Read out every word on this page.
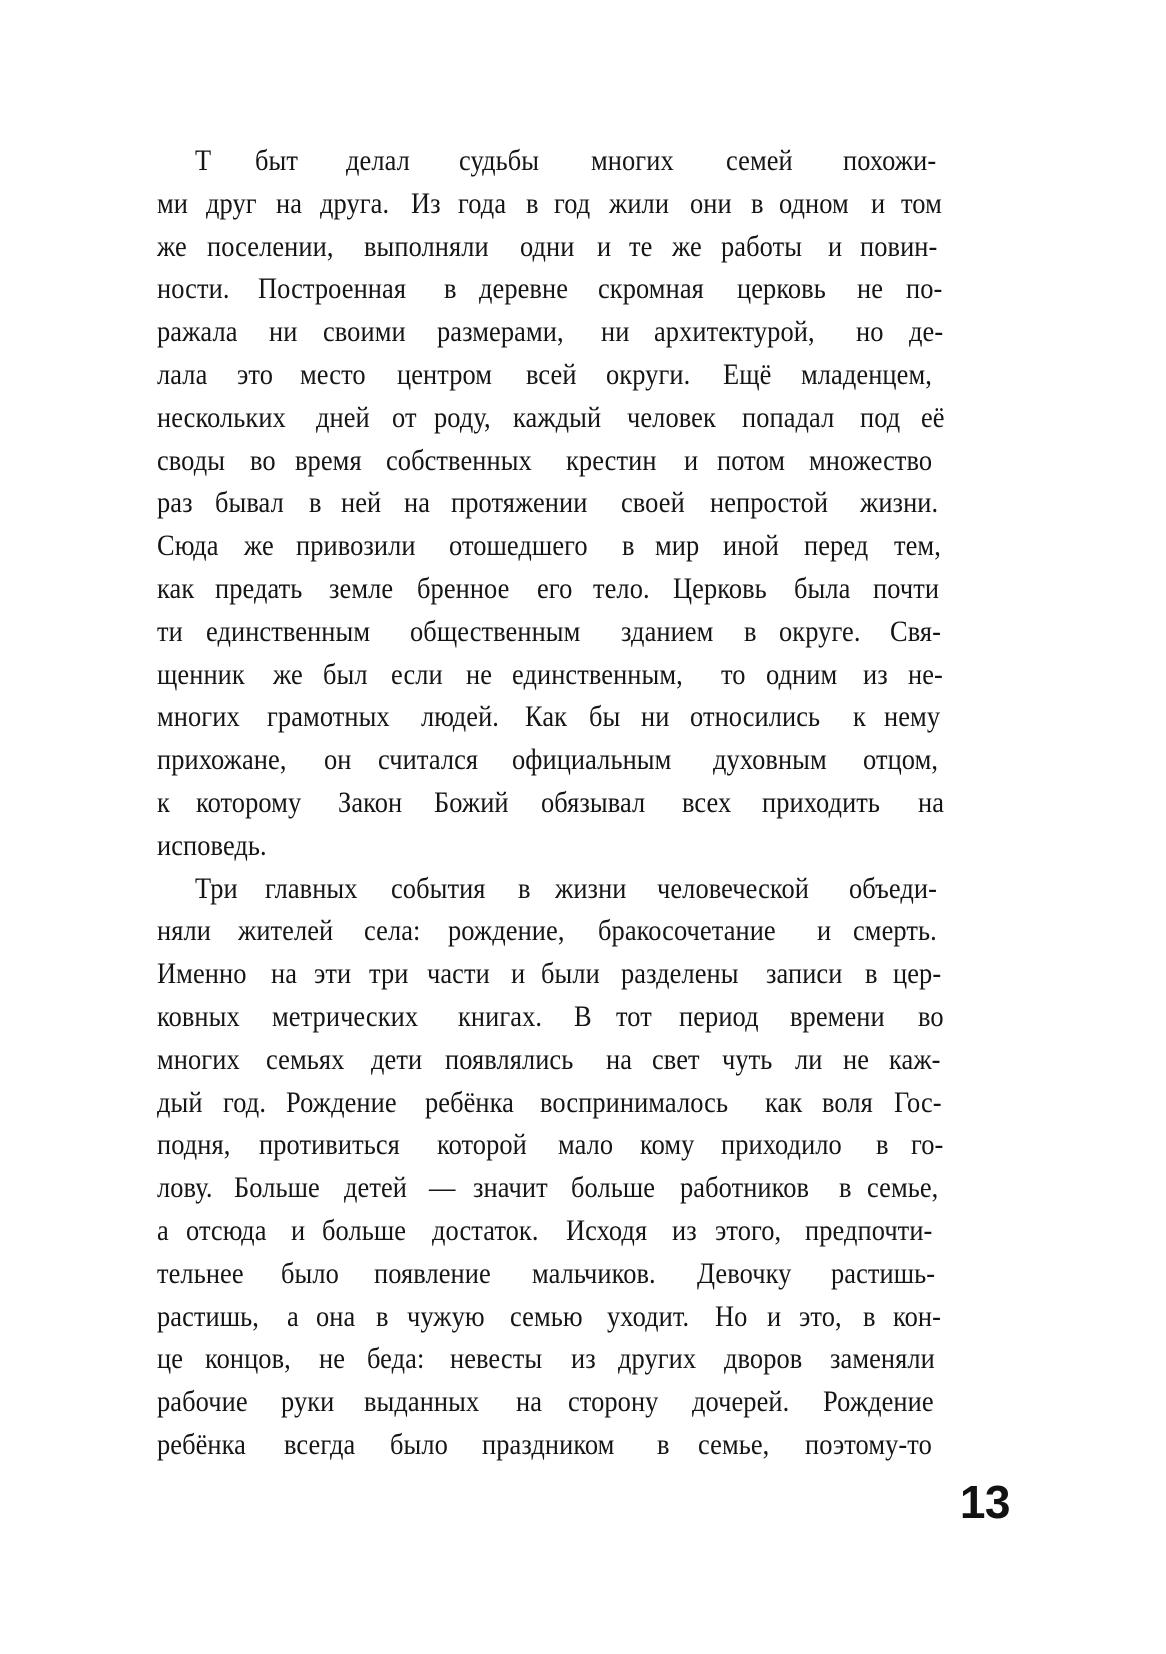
Т быт делал судьбы многих семей похожи-
ми друг на друга. Из года в год жили они в одном и том
же поселении, выполняли одни и те же работы и повин-
ности. Построенная в деревне скромная церковь не по-
ражала ни своими размерами, ни архитектурой, но де-
лала это место центром всей округи. Ещё младенцем,
нескольких дней от роду, каждый человек попадал под её
своды во время собственных крестин и потом множество
раз бывал в ней на протяжении своей непростой жизни.
Сюда же привозили отошедшего в мир иной перед тем,
как предать земле бренное его тело. Церковь была почти
ти единственным общественным зданием в округе. Свя-
щенник же был если не единственным, то одним из не-
многих грамотных людей. Как бы ни относились к нему
прихожане, он считался официальным духовным отцом,
к которому Закон Божий обязывал всех приходить на
исповедь.
Три главных события в жизни человеческой объеди-
няли жителей села: рождение, бракосочетание и смерть.
Именно на эти три части и были разделены записи в цер-
ковных метрических книгах. В тот период времени во
многих семьях дети появлялись на свет чуть ли не каж-
дый год. Рождение ребёнка воспринималось как воля Гос-
подня, противиться которой мало кому приходило в го-
лову. Больше детей — значит больше работников в семье,
а отсюда и больше достаток. Исходя из этого, предпочти-
тельнее было появление мальчиков. Девочку растишь-
растишь, а она в чужую семью уходит. Но и это, в кон-
це концов, не беда: невесты из других дворов заменяли
рабочие руки выданных на сторону дочерей. Рождение
ребёнка всегда было праздником в семье, поэтому-то
13
